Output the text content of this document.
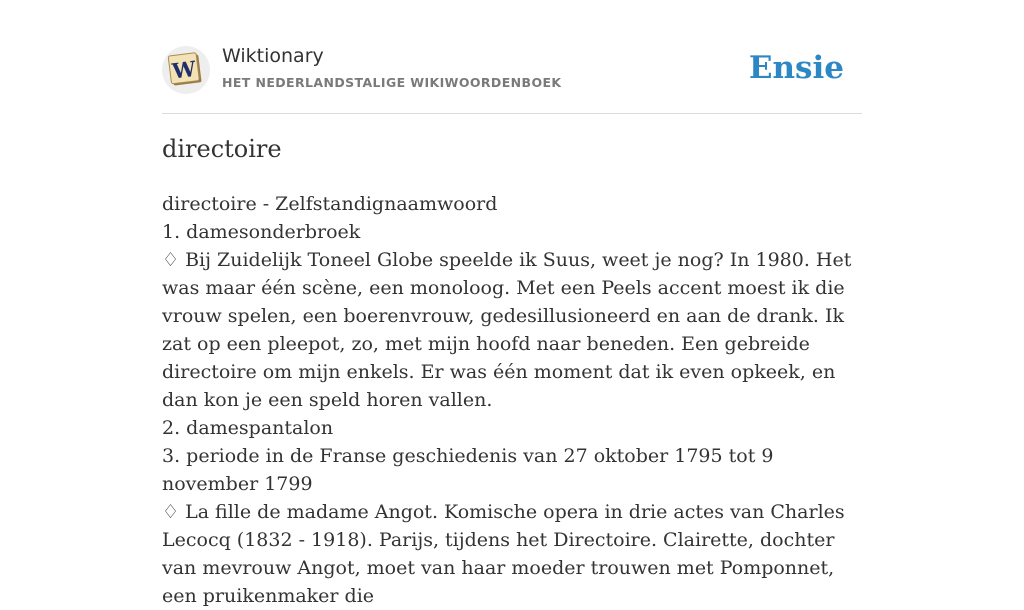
W Wiktionary
HET NEDERLANDSTALIGE WIKIWOORDENBOEK	Ensie
directoire

directoire - Zelfstandignaamwoord

1. damesonderbroek

♢ Bij Zuidelijk Toneel Globe speelde ik Suus, weet je nog? In 1980. Het was maar één scène, een monoloog. Met een Peels accent moest ik die vrouw spelen, een boerenvrouw, gedesillusioneerd en aan de drank. Ik zat op een pleepot, zo, met mijn hoofd naar beneden. Een gebreide directoire om mijn enkels. Er was één moment dat ik even opkeek, en dan kon je een speld horen vallen.

2. damespantalon

3. periode in de Franse geschiedenis van 27 oktober 1795 tot 9 november 1799

♢ La fille de madame Angot. Komische opera in drie actes van Charles Lecocq (1832 - 1918). Parijs, tijdens het Directoire. Clairette, dochter van mevrouw Angot, moet van haar moeder trouwen met Pomponnet, een pruikenmaker die
